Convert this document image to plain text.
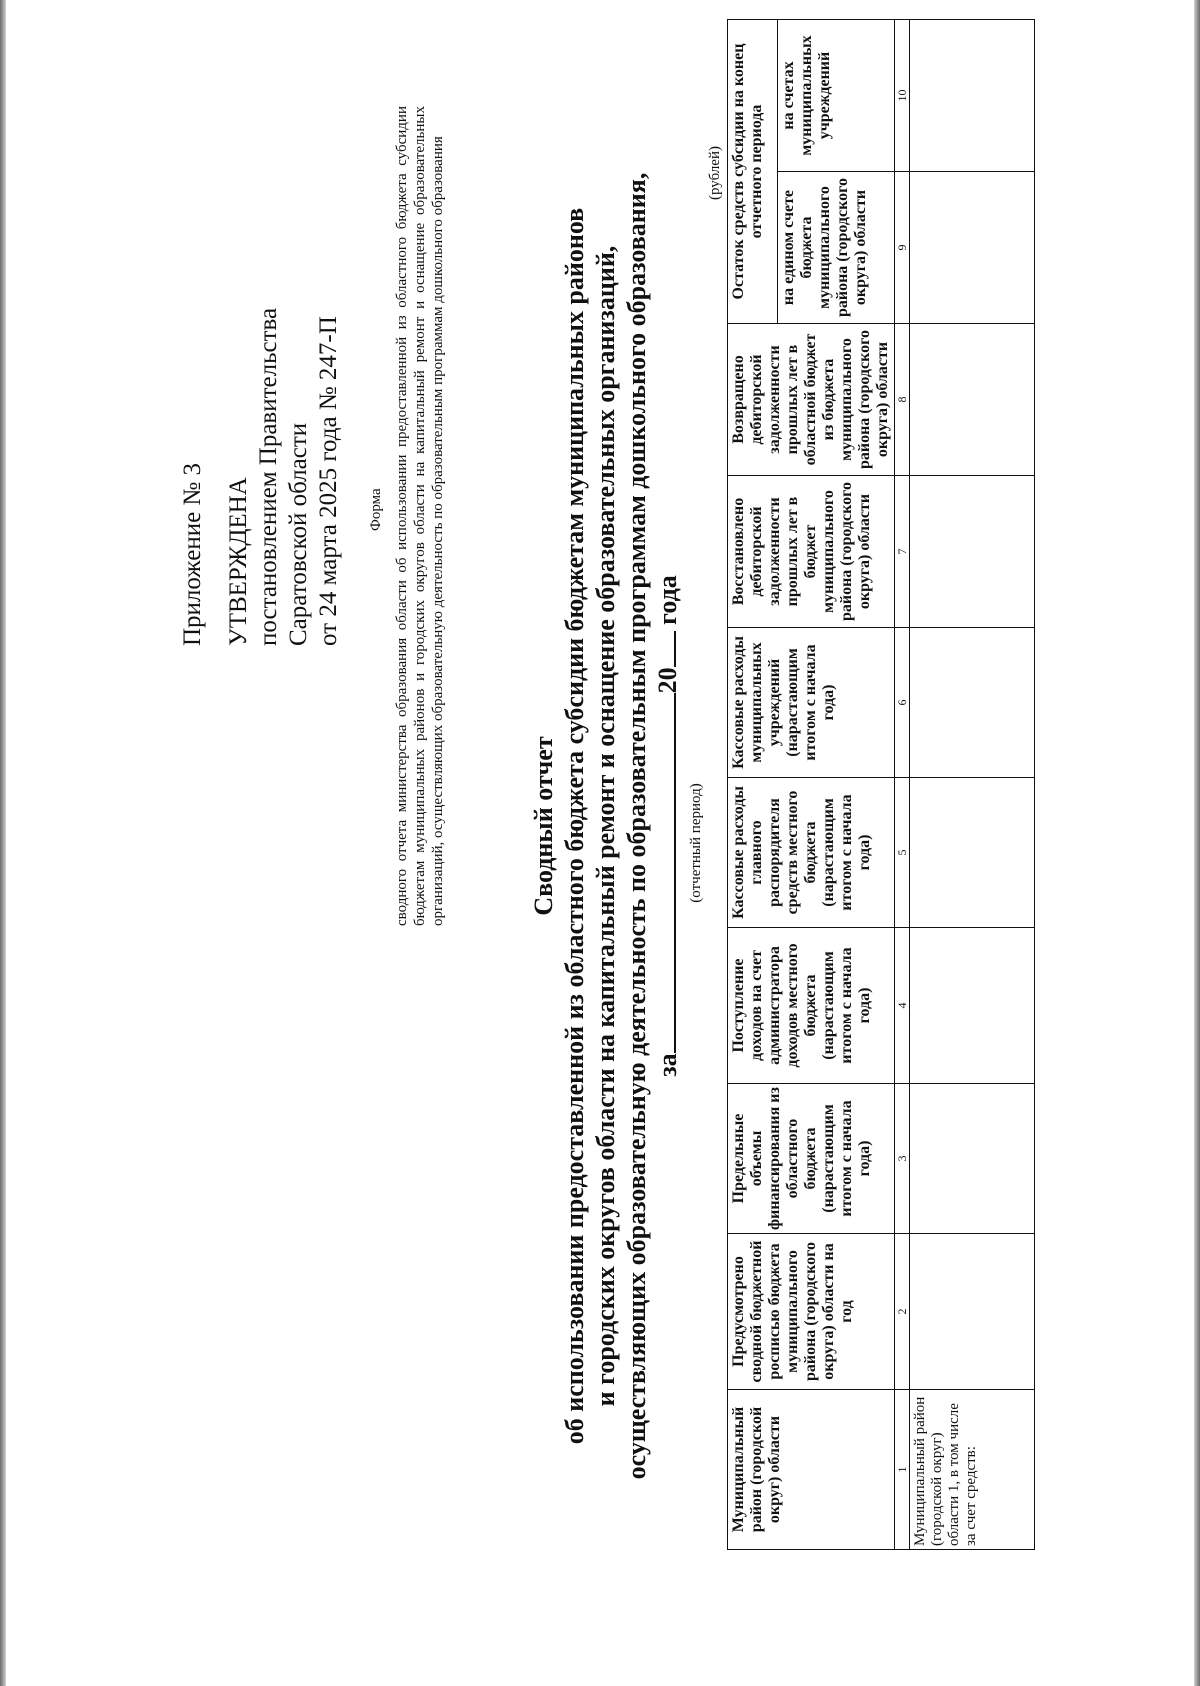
Приложение № 3 УТВЕРЖДЕНА постановлением Правительства Саратовской области от 24 марта 2025 года № 247-П Форма сводного отчета министерства образования области об использовании предоставленной из областного бюджета субсидии бюджетам муниципальных районов и городских округов области на капитальный ремонт и оснащение образовательных организаций, осуществляющих образовательную деятельность по образовательным программам дошкольного образования	Сводный отчет об использовании предоставленной из областного бюджета субсидии бюджетам муниципальных районов и городских округов области на капитальный ремонт и оснащение образовательных организаций, осуществляющих образовательную деятельность по образовательным программам дошкольного образования, за20 года
(отчетный период)
(рублей)
Муниципальный район (городской округ) области	Предусмотрено сводной бюджетной росписью бюджета муниципального района (городского округа) области на год	Предельные объемы финансирования из областного бюджета (нарастающим итогом с начала года)	Поступление доходов на счет администратора доходов местного бюджета (нарастающим итогом с начала года)	Кассовые расходы главного распорядителя средств местного бюджета (нарастающим итогом с начала года)	Кассовые расходы муниципальных учреждений (нарастающим итогом с начала года)	Восстановлено дебиторской задолженности прошлых лет в бюджет муниципального района (городского округа) области	Возвращено дебиторской задолженности прошлых лет в областной бюджет из бюджета муниципального района (городского округа) области	Остаток средств субсидии на конец отчетного периода	
								на едином счете бюджета муниципального района (городского округа) области	на счетах муниципальных учреждений
1	2	3	4	5	6	7	8	9	10
Муниципальный район (городской округ) области 1, в том числе за счет средств:									
